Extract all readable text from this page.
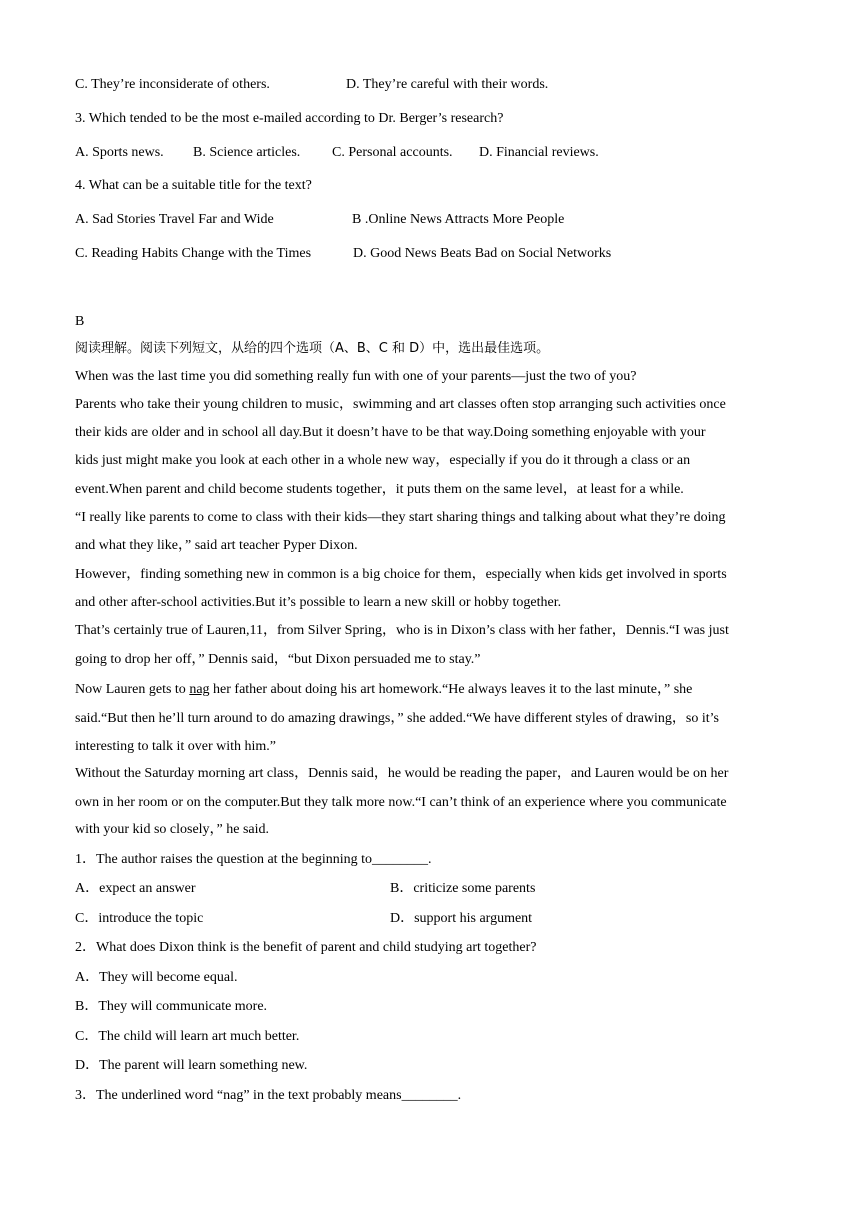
C. They’re inconsiderate of others.	D. They’re careful with their words.
3. Which tended to be the most e-mailed according to Dr. Berger’s research?
A. Sports news. B. Science articles. C. Personal accounts. D. Financial reviews.
4. What can be a suitable title for the text?
A. Sad Stories Travel Far and Wide	B .Online News Attracts More People
C. Reading Habits Change with the Times	D. Good News Beats Bad on Social Networks
B
阅读理解。阅读下列短文，从给的四个选项（A、B、C 和 D）中，选出最佳选项。
When was the last time you did something really fun with one of your parents—just the two of you?
Parents who take their young children to music，swimming and art classes often stop arranging such activities once
their kids are older and in school all day.But it doesn’t have to be that way.Doing something enjoyable with your
kids just might make you look at each other in a whole new way，especially if you do it through a class or an
event.When parent and child become students together，it puts them on the same level，at least for a while.
“I really like parents to come to class with their kids—they start sharing things and talking about what they’re doing
and what they like，” said art teacher Pyper Dixon.
However，finding something new in common is a big choice for them，especially when kids get involved in sports
and other after-school activities.But it’s possible to learn a new skill or hobby together.
That’s certainly true of Lauren,11，from Silver Spring，who is in Dixon’s class with her father，Dennis.“I was just
going to drop her off，” Dennis said，“but Dixon persuaded me to stay.”
Now Lauren gets to nag her father about doing his art homework.“He always leaves it to the last minute，” she
said.“But then he’ll turn around to do amazing drawings，” she added.“We have different styles of drawing，so it’s
interesting to talk it over with him.”
Without the Saturday morning art class，Dennis said，he would be reading the paper，and Lauren would be on her
own in her room or on the computer.But they talk more now.“I can’t think of an experience where you communicate
with your kid so closely，” he said.
1．The author raises the question at the beginning to________.
A．expect an answer	B．criticize some parents
C．introduce the topic	D．support his argument
2．What does Dixon think is the benefit of parent and child studying art together?
A．They will become equal.
B．They will communicate more.
C．The child will learn art much better.
D．The parent will learn something new.
3．The underlined word “nag” in the text probably means________.
